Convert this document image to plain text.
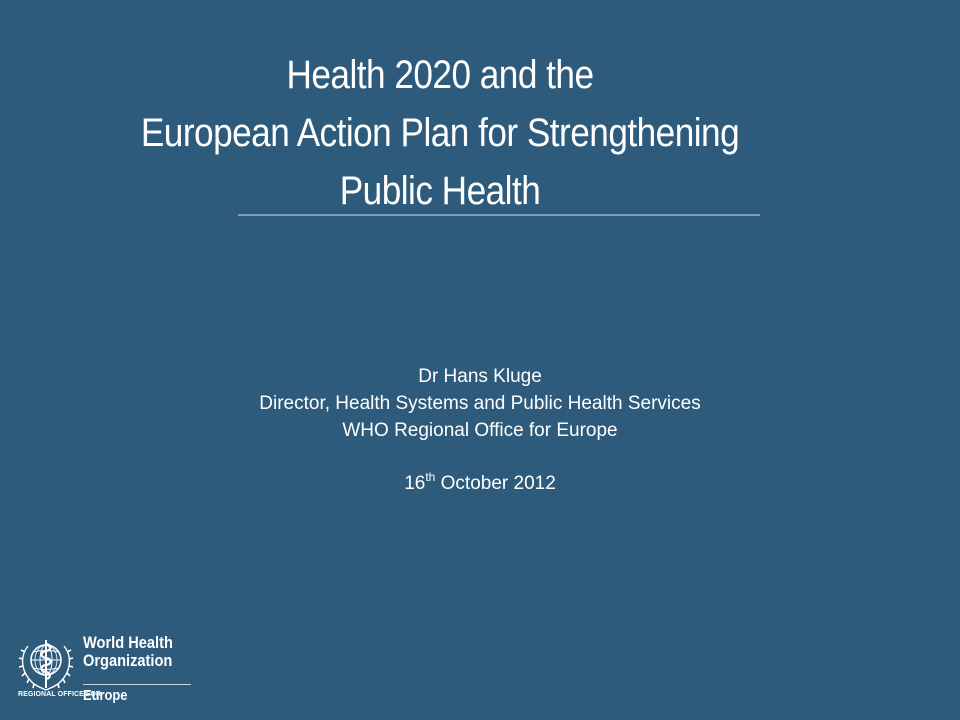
Health 2020 and the
European Action Plan for Strengthening
Public Health
Dr Hans Kluge
Director, Health Systems and Public Health Services
WHO Regional Office for Europe
16th October 2012
World Health
Organization
REGIONAL OFFICE FOR
Europe
